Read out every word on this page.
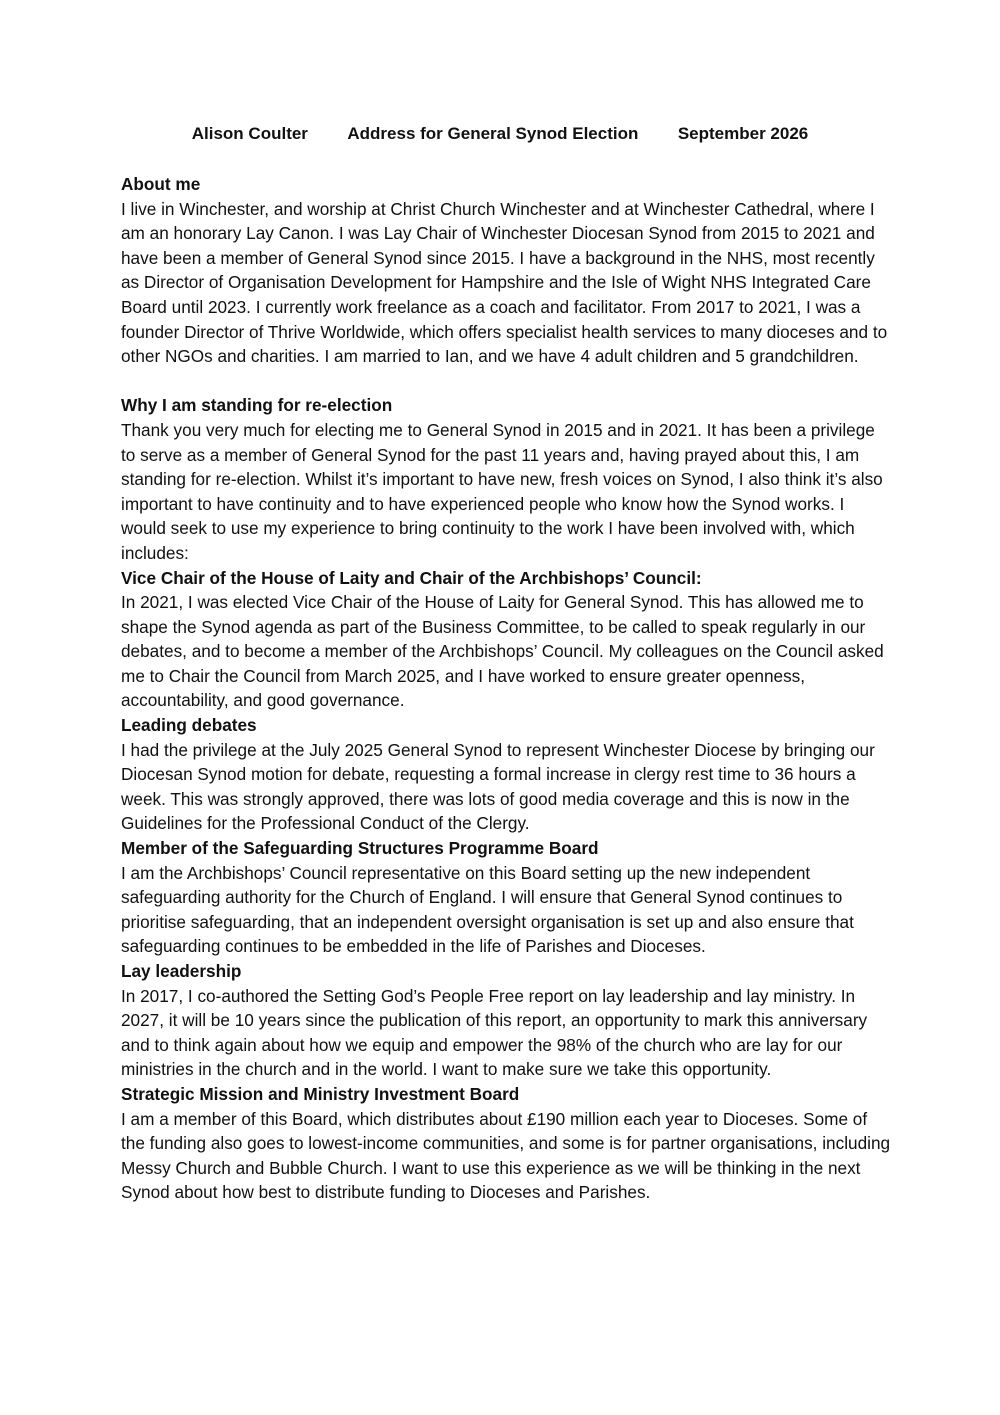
Alison Coulter Address for General Synod Election September 2026

About me

I live in Winchester, and worship at Christ Church Winchester and at Winchester Cathedral, where I am an honorary Lay Canon. I was Lay Chair of Winchester Diocesan Synod from 2015 to 2021 and have been a member of General Synod since 2015. I have a background in the NHS, most recently as Director of Organisation Development for Hampshire and the Isle of Wight NHS Integrated Care Board until 2023. I currently work freelance as a coach and facilitator. From 2017 to 2021, I was a founder Director of Thrive Worldwide, which offers specialist health services to many dioceses and to other NGOs and charities. I am married to Ian, and we have 4 adult children and 5 grandchildren.

Why I am standing for re-election

Thank you very much for electing me to General Synod in 2015 and in 2021. It has been a privilege to serve as a member of General Synod for the past 11 years and, having prayed about this, I am standing for re-election. Whilst it’s important to have new, fresh voices on Synod, I also think it’s also important to have continuity and to have experienced people who know how the Synod works. I would seek to use my experience to bring continuity to the work I have been involved with, which includes:

Vice Chair of the House of Laity and Chair of the Archbishops’ Council:

In 2021, I was elected Vice Chair of the House of Laity for General Synod. This has allowed me to shape the Synod agenda as part of the Business Committee, to be called to speak regularly in our debates, and to become a member of the Archbishops’ Council. My colleagues on the Council asked me to Chair the Council from March 2025, and I have worked to ensure greater openness, accountability, and good governance.

Leading debates

I had the privilege at the July 2025 General Synod to represent Winchester Diocese by bringing our Diocesan Synod motion for debate, requesting a formal increase in clergy rest time to 36 hours a week. This was strongly approved, there was lots of good media coverage and this is now in the Guidelines for the Professional Conduct of the Clergy.

Member of the Safeguarding Structures Programme Board

I am the Archbishops’ Council representative on this Board setting up the new independent safeguarding authority for the Church of England. I will ensure that General Synod continues to prioritise safeguarding, that an independent oversight organisation is set up and also ensure that safeguarding continues to be embedded in the life of Parishes and Dioceses.

Lay leadership

In 2017, I co-authored the Setting God’s People Free report on lay leadership and lay ministry. In 2027, it will be 10 years since the publication of this report, an opportunity to mark this anniversary and to think again about how we equip and empower the 98% of the church who are lay for our ministries in the church and in the world. I want to make sure we take this opportunity.

Strategic Mission and Ministry Investment Board

I am a member of this Board, which distributes about £190 million each year to Dioceses. Some of the funding also goes to lowest-income communities, and some is for partner organisations, including Messy Church and Bubble Church. I want to use this experience as we will be thinking in the next Synod about how best to distribute funding to Dioceses and Parishes.
